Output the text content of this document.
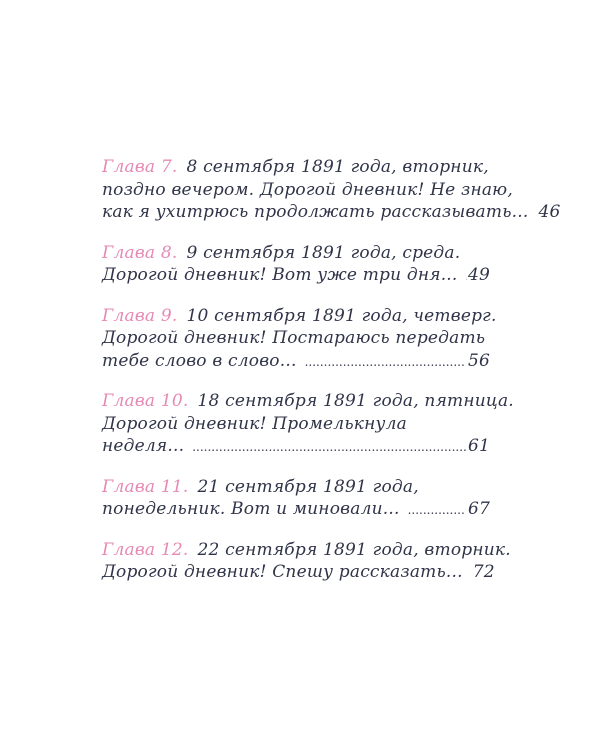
Глава 7. 8 сентября 1891 года, вторник,
поздно вечером. Дорогой дневник! Не знаю,
как я ухитрюсь продолжать рассказывать... 46
Глава 8. 9 сентября 1891 года, среда.
Дорогой дневник! Вот уже три дня... ..... 49
Глава 9. 10 сентября 1891 года, четверг.
Дорогой дневник! Постараюсь передать
тебе слово в слово... .....	56
Глава 10. 18 сентября 1891 года, пятница.
Дорогой дневник! Промелькнула
неделя... .....	61
Глава 11. 21 сентября 1891 года,
понедельник. Вот и миновали... .....	67
Глава 12. 22 сентября 1891 года, вторник.
Дорогой дневник! Спешу рассказать... 72
